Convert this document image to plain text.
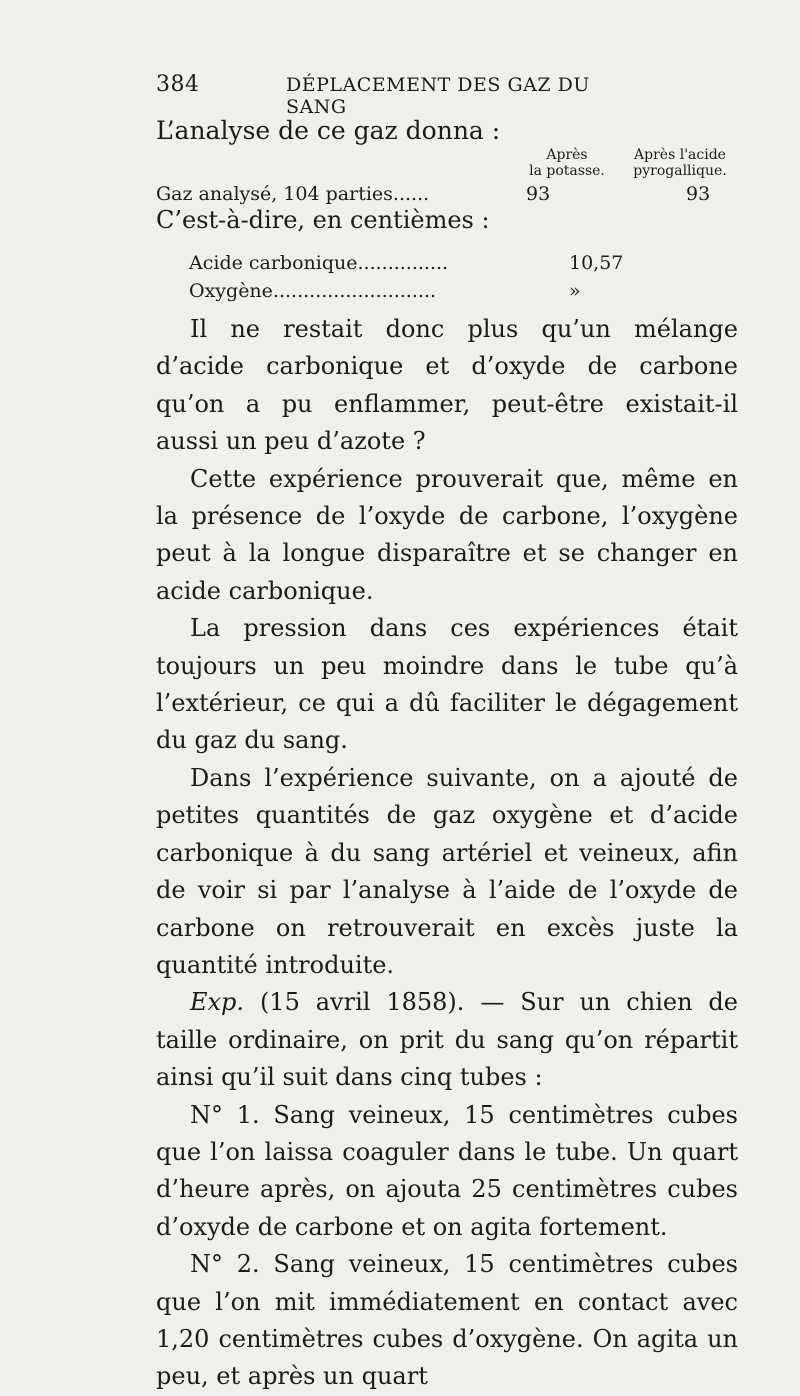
384	DÉPLACEMENT DES GAZ DU SANG
L’analyse de ce gaz donna :
Après
la potasse.
Après l'acide
pyrogallique.
Gaz analysé, 104 parties......	93	93
C’est-à-dire, en centièmes :
Acide carbonique...............	10,57
Oxygène...........................	»

Il ne restait donc plus qu’un mélange d’acide carbonique et d’oxyde de carbone qu’on a pu enflammer, peut-être existait-il aussi un peu d’azote ?

Cette expérience prouverait que, même en la présence de l’oxyde de carbone, l’oxygène peut à la longue disparaître et se changer en acide carbonique.

La pression dans ces expériences était toujours un peu moindre dans le tube qu’à l’extérieur, ce qui a dû faciliter le dégagement du gaz du sang.

Dans l’expérience suivante, on a ajouté de petites quantités de gaz oxygène et d’acide carbonique à du sang artériel et veineux, afin de voir si par l’analyse à l’aide de l’oxyde de carbone on retrouverait en excès juste la quantité introduite.

Exp. (15 avril 1858). — Sur un chien de taille ordinaire, on prit du sang qu’on répartit ainsi qu’il suit dans cinq tubes :

N° 1. Sang veineux, 15 centimètres cubes que l’on laissa coaguler dans le tube. Un quart d’heure après, on ajouta 25 centimètres cubes d’oxyde de carbone et on agita fortement.

N° 2. Sang veineux, 15 centimètres cubes que l’on mit immédiatement en contact avec 1,20 centimètres cubes d’oxygène. On agita un peu, et après un quart
